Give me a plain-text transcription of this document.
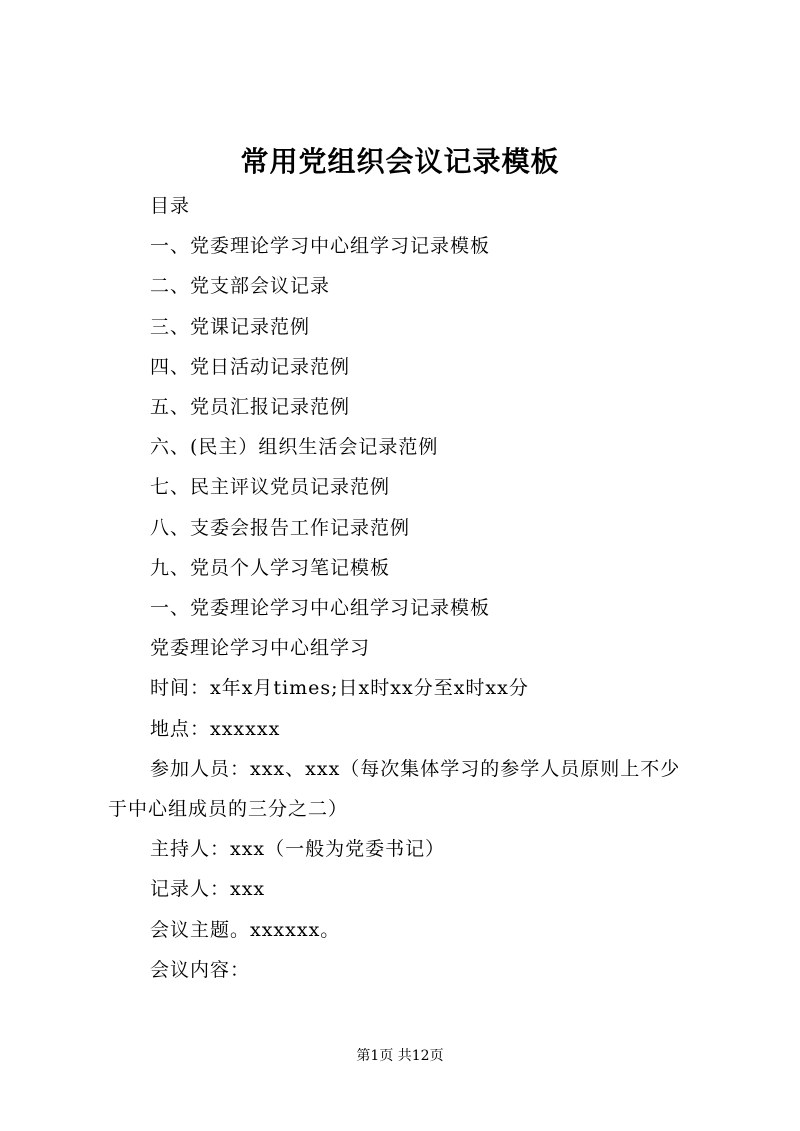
常用党组织会议记录模板

目录

一、党委理论学习中心组学习记录模板

二、党支部会议记录

三、党课记录范例

四、党日活动记录范例

五、党员汇报记录范例

六、(民主）组织生活会记录范例

七、民主评议党员记录范例

八、支委会报告工作记录范例

九、党员个人学习笔记模板

一、党委理论学习中心组学习记录模板

党委理论学习中心组学习

时间：x年x月times;日x时xx分至x时xx分

地点：xxxxxx

参加人员：xxx、xxx（每次集体学习的参学人员原则上不少于中心组成员的三分之二）

主持人：xxx（一般为党委书记）

记录人：xxx

会议主题。xxxxxx。

会议内容：

第1页 共12页
